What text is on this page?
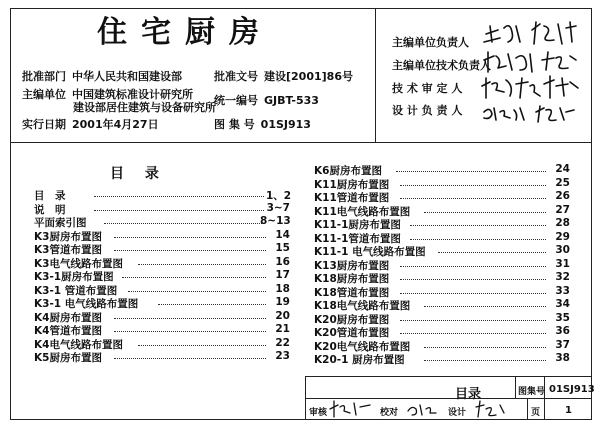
住宅厨房
批准部门 中华人民共和国建设部
主编单位 中国建筑标准设计研究所
建设部居住建筑与设备研究所
实行日期 2001年4月27日
批准文号 建设[2001]86号
统一编号 GJBT-533
图 集 号 01SJ913
主编单位负责人
主编单位技术负责人
技 术 审 定 人
设 计 负 责 人
目 录
目　录	1、2
说　明	3~7
平面索引图	8~13
K3厨房布置图	14
K3管道布置图	15
K3电气线路布置图	16
K3-1厨房布置图	17
K3-1 管道布置图	18
K3-1 电气线路布置图	19
K4厨房布置图	20
K4管道布置图	21
K4电气线路布置图	22
K5厨房布置图	23
K6厨房布置图	24
K11厨房布置图	25
K11管道布置图	26
K11电气线路布置图	27
K11-1厨房布置图	28
K11-1管道布置图	29
K11-1 电气线路布置图	30
K13厨房布置图	31
K18厨房布置图	32
K18管道布置图	33
K18电气线路布置图	34
K20厨房布置图	35
K20管道布置图	36
K20电气线路布置图	37
K20-1 厨房布置图	38
目录	图集号 01SJ913
审核	校对	设计	页 1
